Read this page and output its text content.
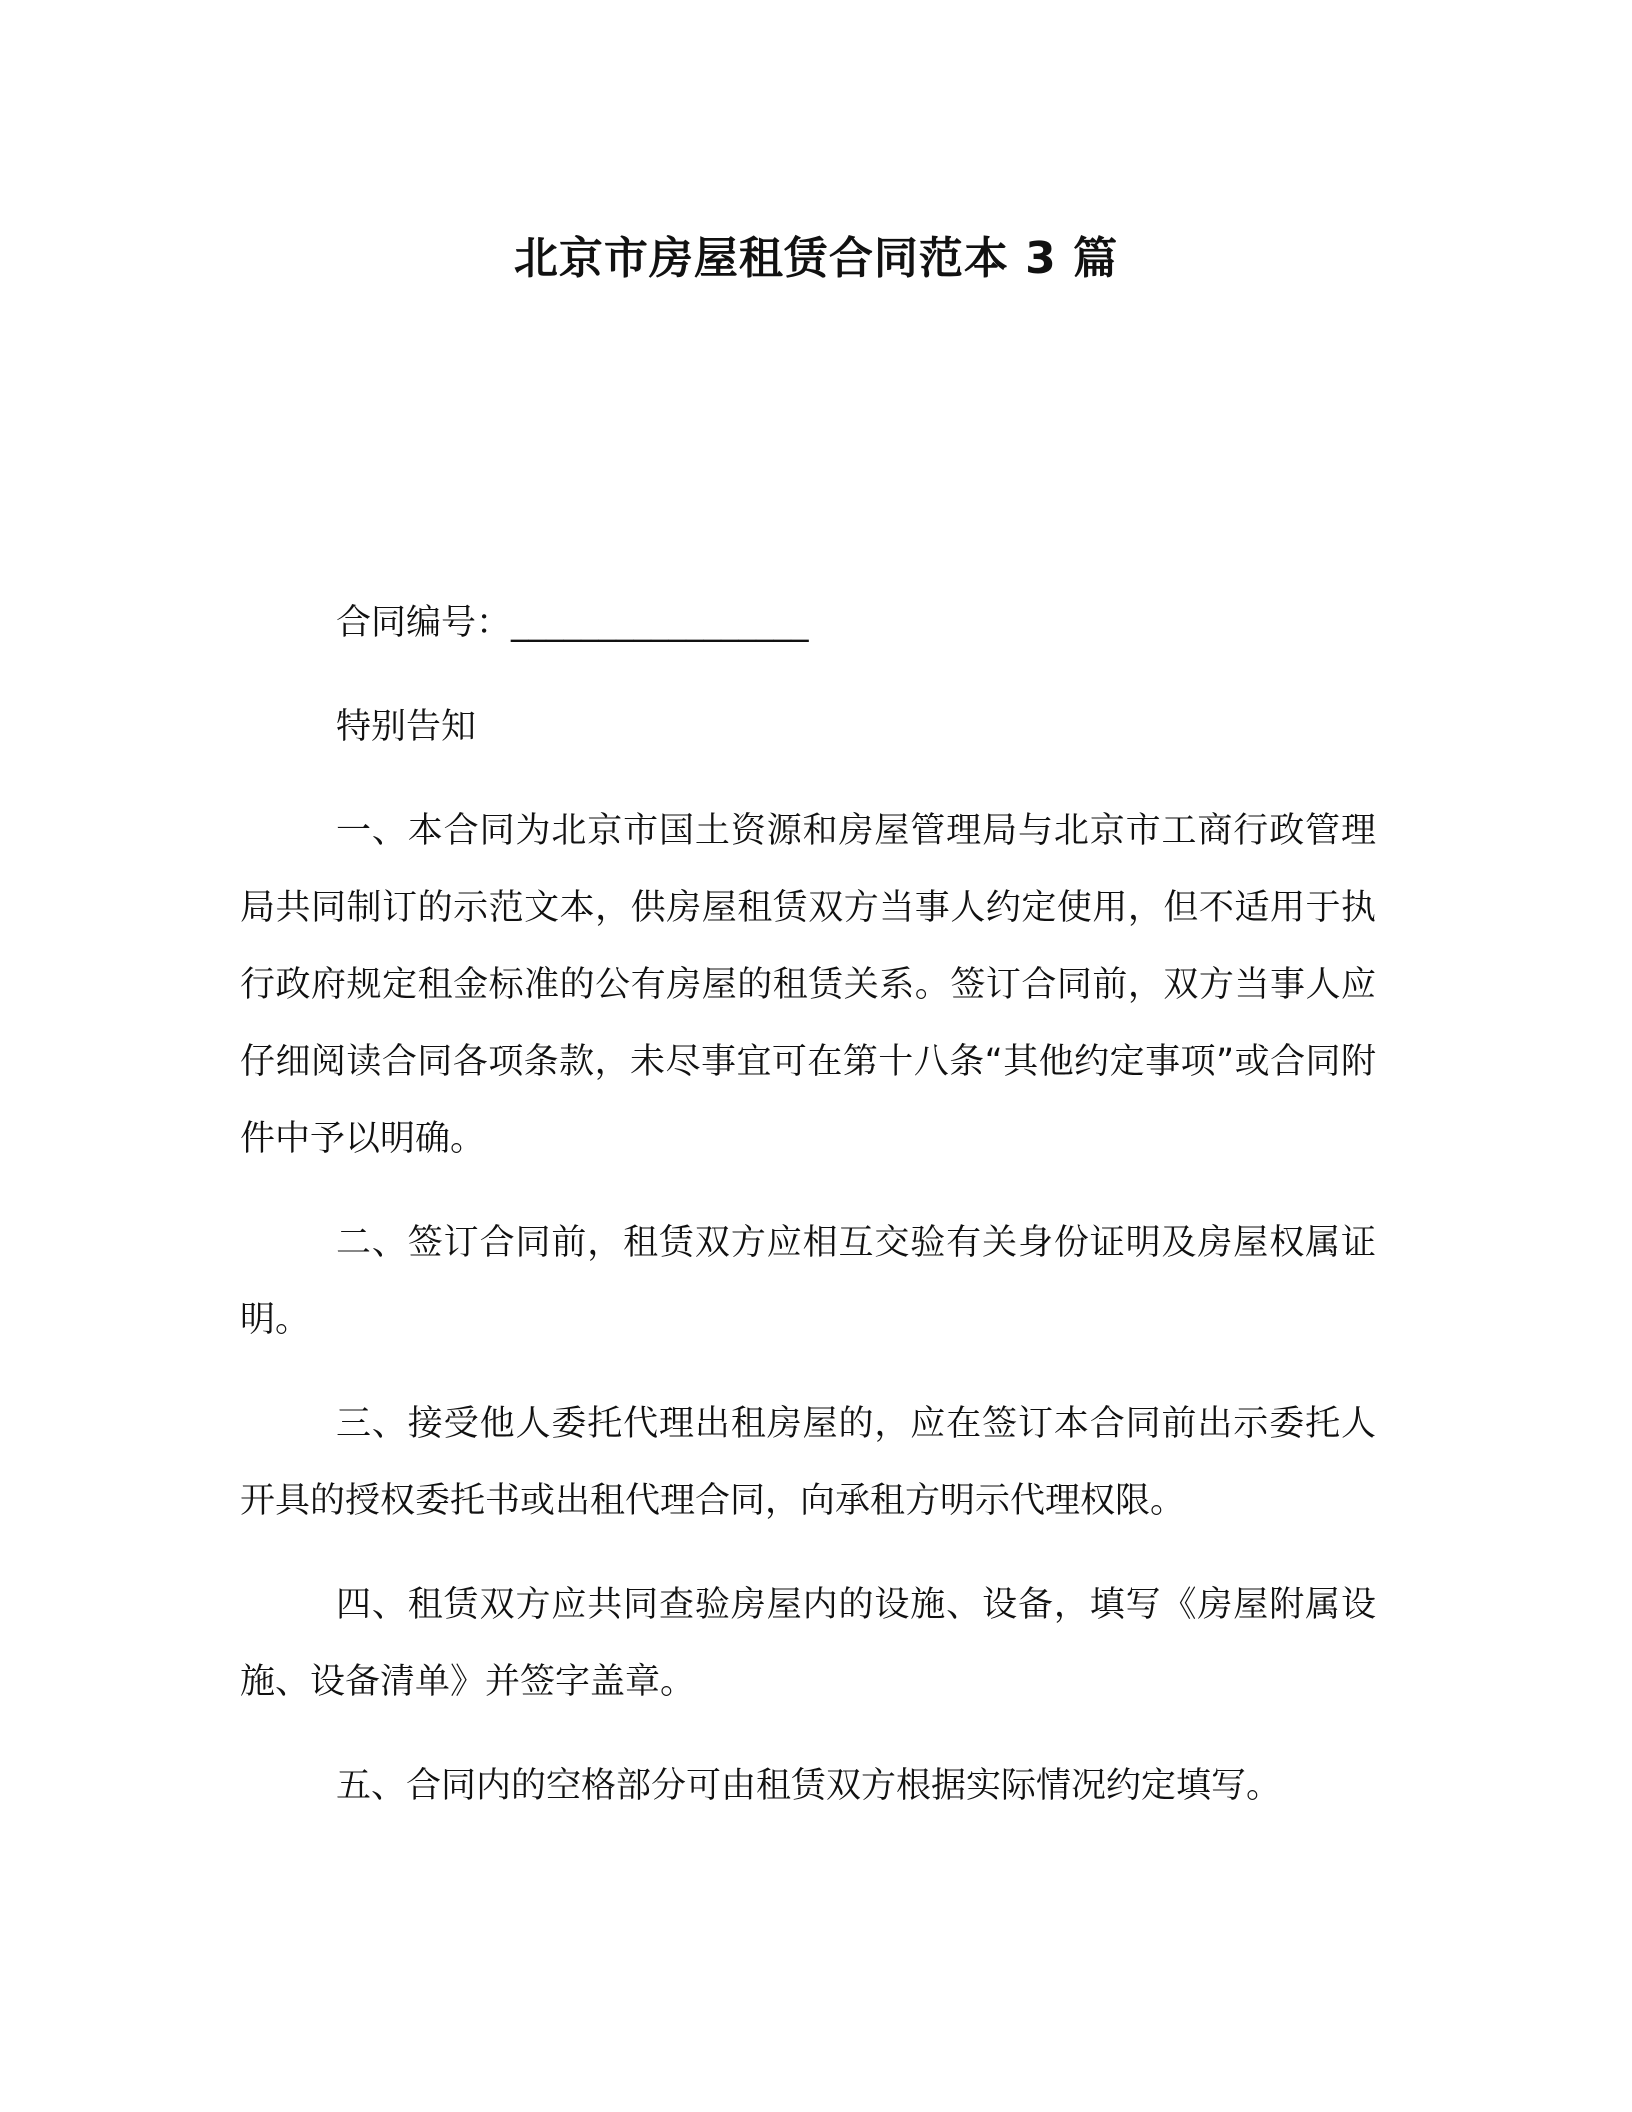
北京市房屋租赁合同范本 3 篇

合同编号：_________________

特别告知

一、本合同为北京市国土资源和房屋管理局与北京市工商行政管理局共同制订的示范文本，供房屋租赁双方当事人约定使用，但不适用于执行政府规定租金标准的公有房屋的租赁关系。签订合同前，双方当事人应仔细阅读合同各项条款，未尽事宜可在第十八条“其他约定事项”或合同附件中予以明确。

二、签订合同前，租赁双方应相互交验有关身份证明及房屋权属证明。

三、接受他人委托代理出租房屋的，应在签订本合同前出示委托人开具的授权委托书或出租代理合同，向承租方明示代理权限。

四、租赁双方应共同查验房屋内的设施、设备，填写《房屋附属设施、设备清单》并签字盖章。

五、合同内的空格部分可由租赁双方根据实际情况约定填写。
